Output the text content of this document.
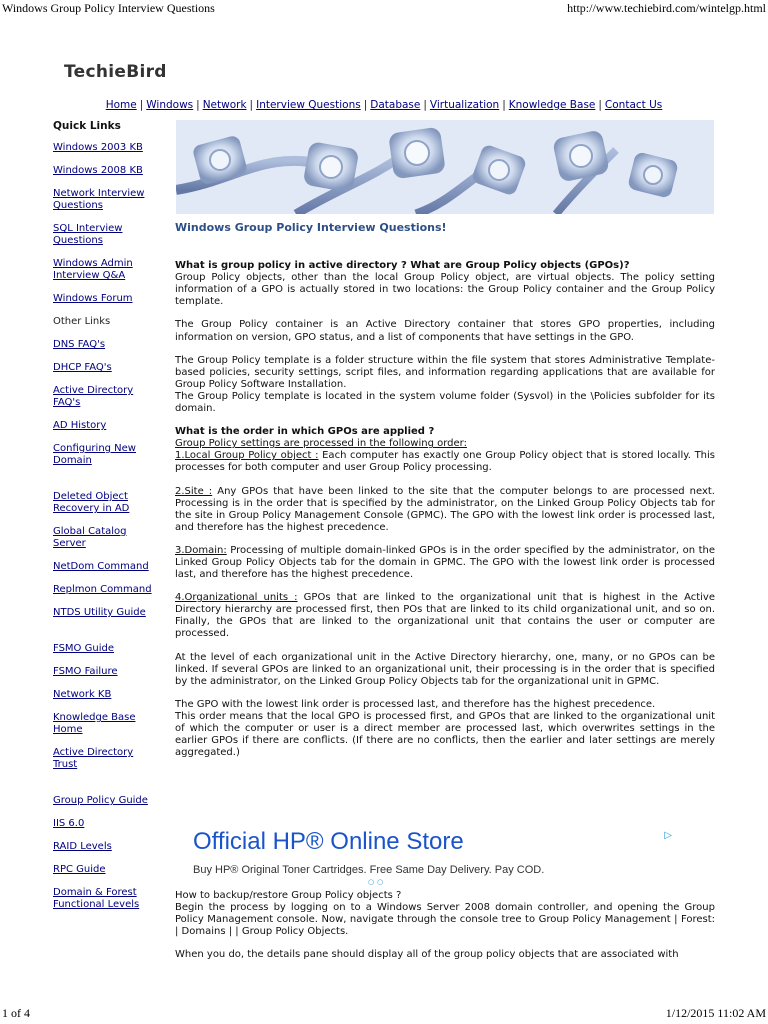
Windows Group Policy Interview Questions	http://www.techiebird.com/wintelgp.html
1 of 4	1/12/2015 11:02 AM
TechieBird
Home | Windows | Network | Interview Questions | Database | Virtualization | Knowledge Base | Contact Us
Quick Links
Windows 2003 KB
Windows 2008 KB
Network Interview Questions
SQL Interview Questions
Windows Admin Interview Q&A
Windows Forum
Other Links
DNS FAQ's
DHCP FAQ's
Active Directory FAQ's
AD History
Configuring New Domain
Deleted Object Recovery in AD
Global Catalog Server
NetDom Command
Replmon Command
NTDS Utility Guide
FSMO Guide
FSMO Failure
Network KB
Knowledge Base Home
Active Directory Trust
Group Policy Guide
IIS 6.0
RAID Levels
RPC Guide
Domain & Forest Functional Levels
Windows Group Policy Interview Questions!

What is group policy in active directory ? What are Group Policy objects (GPOs)?

Group Policy objects, other than the local Group Policy object, are virtual objects. The policy setting information of a GPO is actually stored in two locations: the Group Policy container and the Group Policy template.

The Group Policy container is an Active Directory container that stores GPO properties, including information on version, GPO status, and a list of components that have settings in the GPO.

The Group Policy template is a folder structure within the file system that stores Administrative Template-based policies, security settings, script files, and information regarding applications that are available for Group Policy Software Installation.

The Group Policy template is located in the system volume folder (Sysvol) in the \Policies subfolder for its domain.

What is the order in which GPOs are applied ?

Group Policy settings are processed in the following order:

1.Local Group Policy object : Each computer has exactly one Group Policy object that is stored locally. This processes for both computer and user Group Policy processing.

2.Site : Any GPOs that have been linked to the site that the computer belongs to are processed next. Processing is in the order that is specified by the administrator, on the Linked Group Policy Objects tab for the site in Group Policy Management Console (GPMC). The GPO with the lowest link order is processed last, and therefore has the highest precedence.

3.Domain: Processing of multiple domain-linked GPOs is in the order specified by the administrator, on the Linked Group Policy Objects tab for the domain in GPMC. The GPO with the lowest link order is processed last, and therefore has the highest precedence.

4.Organizational units : GPOs that are linked to the organizational unit that is highest in the Active Directory hierarchy are processed first, then POs that are linked to its child organizational unit, and so on. Finally, the GPOs that are linked to the organizational unit that contains the user or computer are processed.

At the level of each organizational unit in the Active Directory hierarchy, one, many, or no GPOs can be linked. If several GPOs are linked to an organizational unit, their processing is in the order that is specified by the administrator, on the Linked Group Policy Objects tab for the organizational unit in GPMC.

The GPO with the lowest link order is processed last, and therefore has the highest precedence.

This order means that the local GPO is processed first, and GPOs that are linked to the organizational unit of which the computer or user is a direct member are processed last, which overwrites settings in the earlier GPOs if there are conflicts. (If there are no conflicts, then the earlier and later settings are merely aggregated.)

Official HP® Online Store
Buy HP® Original Toner Cartridges. Free Same Day Delivery. Pay COD.
▷
○○

How to backup/restore Group Policy objects ?

Begin the process by logging on to a Windows Server 2008 domain controller, and opening the Group Policy Management console. Now, navigate through the console tree to Group Policy Management | Forest: | Domains | | Group Policy Objects.

When you do, the details pane should display all of the group policy objects that are associated with
